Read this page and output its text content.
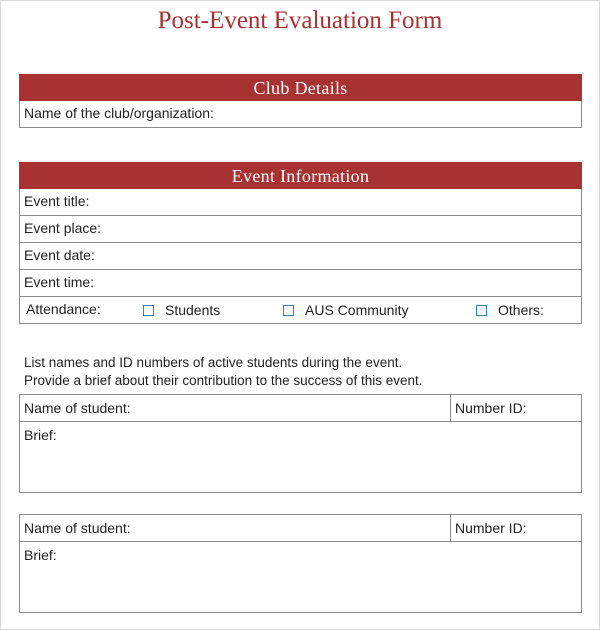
Post-Event Evaluation Form
Club Details
Name of the club/organization:
Event Information
Event title:
Event place:
Event date:
Event time:
Attendance:	Students	AUS Community	Others:
List names and ID numbers of active students during the event.
Provide a brief about their contribution to the success of this event.
Name of student:	Number ID:
Brief:
Name of student:	Number ID:
Brief:
